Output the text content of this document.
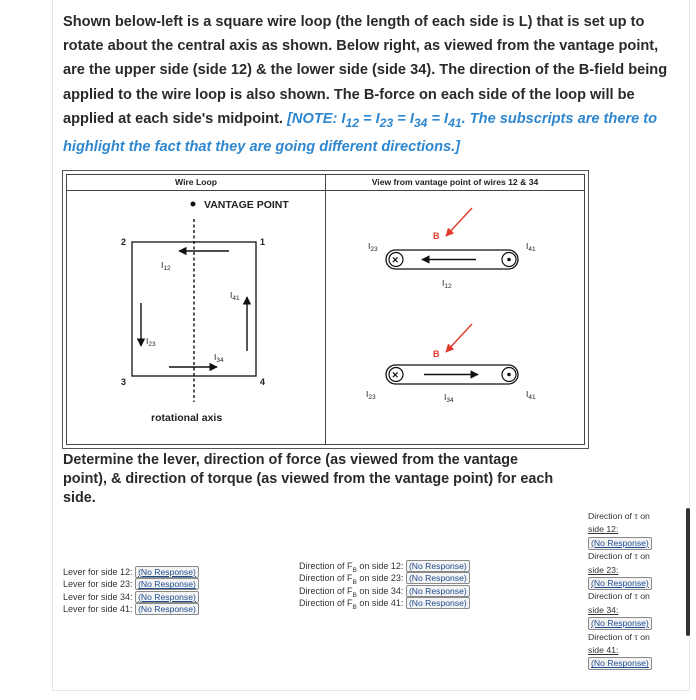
Shown below-left is a square wire loop (the length of each side is L) that is set up to rotate about the central axis as shown. Below right, as viewed from the vantage point, are the upper side (side 12) & the lower side (side 34). The direction of the B-field being applied to the wire loop is also shown. The B-force on each side of the loop will be applied at each side's midpoint. [NOTE: $I_{12} = I_{23} = I_{34} = I_{41}$. The subscripts are there to highlight the fact that they are going different directions.]
Wire Loop	View from vantage point of wires 12 & 34
VANTAGE POINT
rotational axis
2	1
3	4
$I_{12}$
$I_{23}$
$I_{34}$
$I_{41}$
×
$I_{23}$	$I_{41}$
$I_{12}$
B
×
$I_{23}$	$I_{41}$
$I_{34}$
B
Determine the lever, direction of force (as viewed from the vantage point), & direction of torque (as viewed from the vantage point) for each side.
Lever for side 12: (No Response)
Lever for side 23: (No Response)
Lever for side 34: (No Response)
Lever for side 41: (No Response)
Direction of $F_B$ on side 12: (No Response)
Direction of $F_B$ on side 23: (No Response)
Direction of $F_B$ on side 34: (No Response)
Direction of $F_B$ on side 41: (No Response)
Direction of τ on
side 12: (No Response)
Direction of τ on
side 23: (No Response)
Direction of τ on
side 34: (No Response)
Direction of τ on
side 41: (No Response)
